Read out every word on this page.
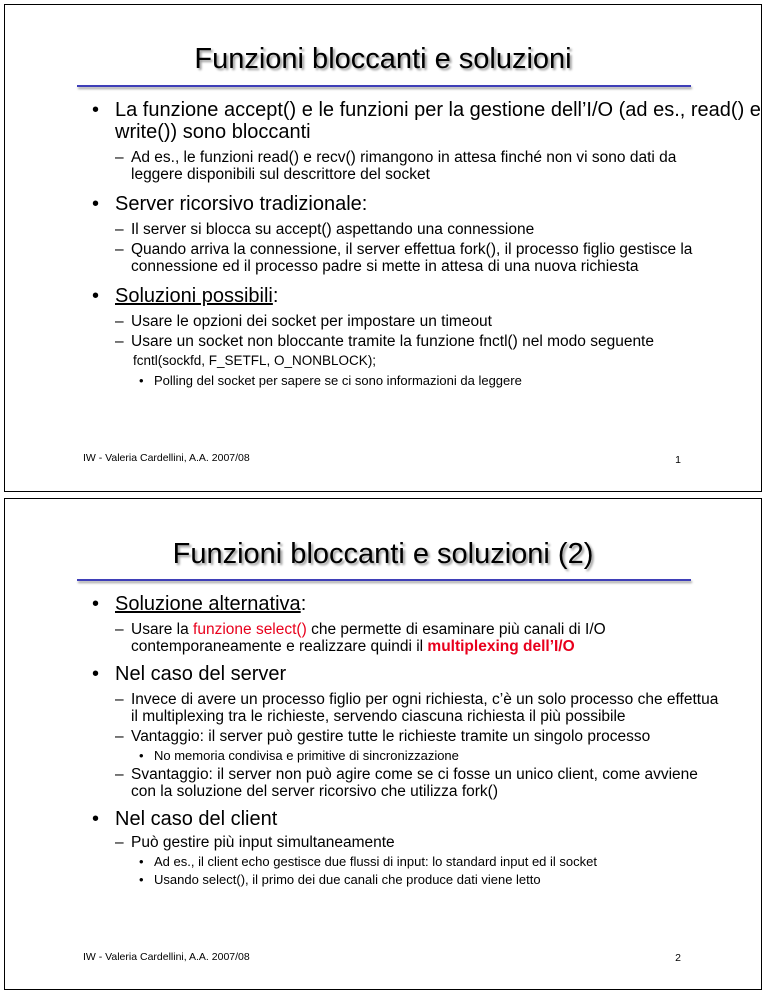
Funzioni bloccanti e soluzioni
• La funzione accept() e le funzioni per la gestione dell’I/O (ad es., read() e write()) sono bloccanti
– Ad es., le funzioni read() e recv() rimangono in attesa finché non vi sono dati da leggere disponibili sul descrittore del socket
• Server ricorsivo tradizionale:
– Il server si blocca su accept() aspettando una connessione
– Quando arriva la connessione, il server effettua fork(), il processo figlio gestisce la connessione ed il processo padre si mette in attesa di una nuova richiesta
• Soluzioni possibili:
– Usare le opzioni dei socket per impostare un timeout
– Usare un socket non bloccante tramite la funzione fnctl() nel modo seguente
fcntl(sockfd, F_SETFL, O_NONBLOCK);
• Polling del socket per sapere se ci sono informazioni da leggere
IW - Valeria Cardellini, A.A. 2007/08	1
Funzioni bloccanti e soluzioni (2)
• Soluzione alternativa:
– Usare la funzione select() che permette di esaminare più canali di I/O contemporaneamente e realizzare quindi il multiplexing dell’I/O
• Nel caso del server
– Invece di avere un processo figlio per ogni richiesta, c’è un solo processo che effettua il multiplexing tra le richieste, servendo ciascuna richiesta il più possibile
– Vantaggio: il server può gestire tutte le richieste tramite un singolo processo
• No memoria condivisa e primitive di sincronizzazione
– Svantaggio: il server non può agire come se ci fosse un unico client, come avviene con la soluzione del server ricorsivo che utilizza fork()
• Nel caso del client
– Può gestire più input simultaneamente
• Ad es., il client echo gestisce due flussi di input: lo standard input ed il socket
• Usando select(), il primo dei due canali che produce dati viene letto
IW - Valeria Cardellini, A.A. 2007/08	2
